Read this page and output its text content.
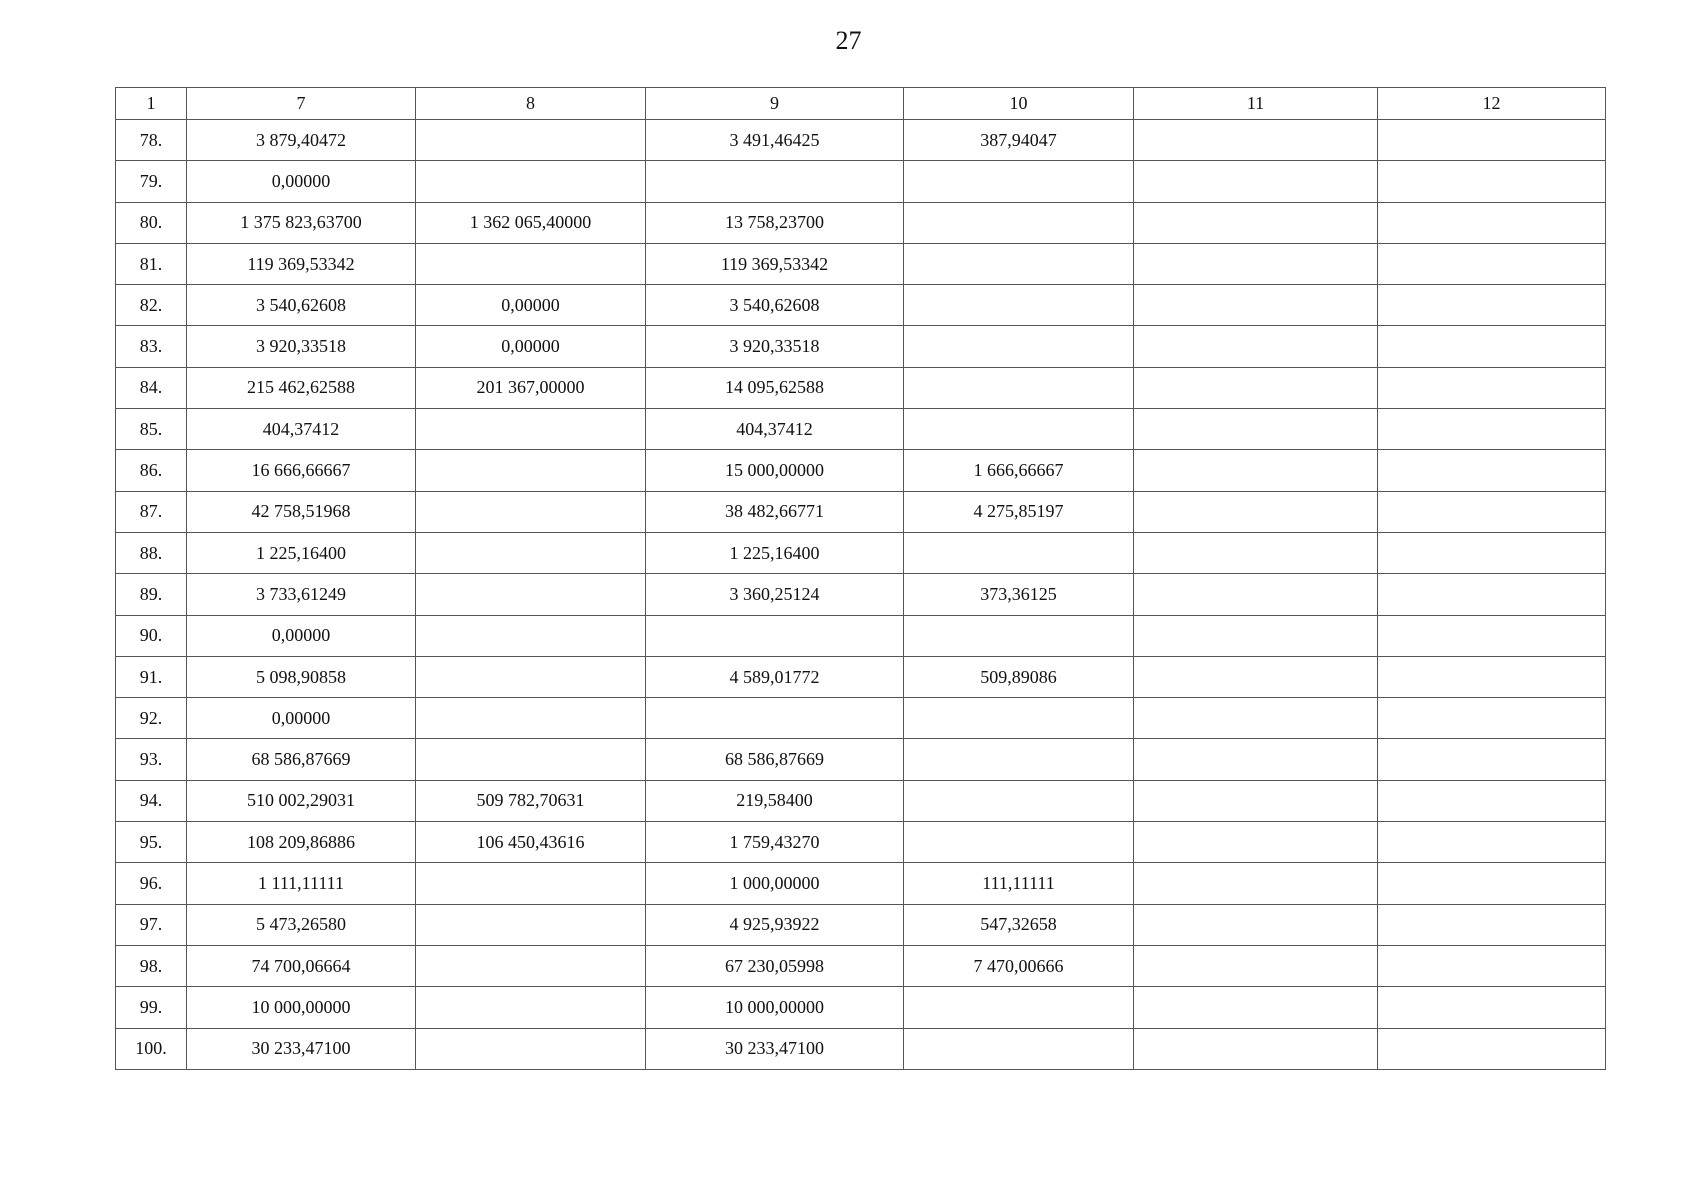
27
1	7	8	9	10	11	12
78.	3 879,40472		3 491,46425	387,94047		
79.	0,00000					
80.	1 375 823,63700	1 362 065,40000	13 758,23700			
81.	119 369,53342		119 369,53342			
82.	3 540,62608	0,00000	3 540,62608			
83.	3 920,33518	0,00000	3 920,33518			
84.	215 462,62588	201 367,00000	14 095,62588			
85.	404,37412		404,37412			
86.	16 666,66667		15 000,00000	1 666,66667		
87.	42 758,51968		38 482,66771	4 275,85197		
88.	1 225,16400		1 225,16400			
89.	3 733,61249		3 360,25124	373,36125		
90.	0,00000					
91.	5 098,90858		4 589,01772	509,89086		
92.	0,00000					
93.	68 586,87669		68 586,87669			
94.	510 002,29031	509 782,70631	219,58400			
95.	108 209,86886	106 450,43616	1 759,43270			
96.	1 111,11111		1 000,00000	111,11111		
97.	5 473,26580		4 925,93922	547,32658		
98.	74 700,06664		67 230,05998	7 470,00666		
99.	10 000,00000		10 000,00000			
100.	30 233,47100		30 233,47100			
